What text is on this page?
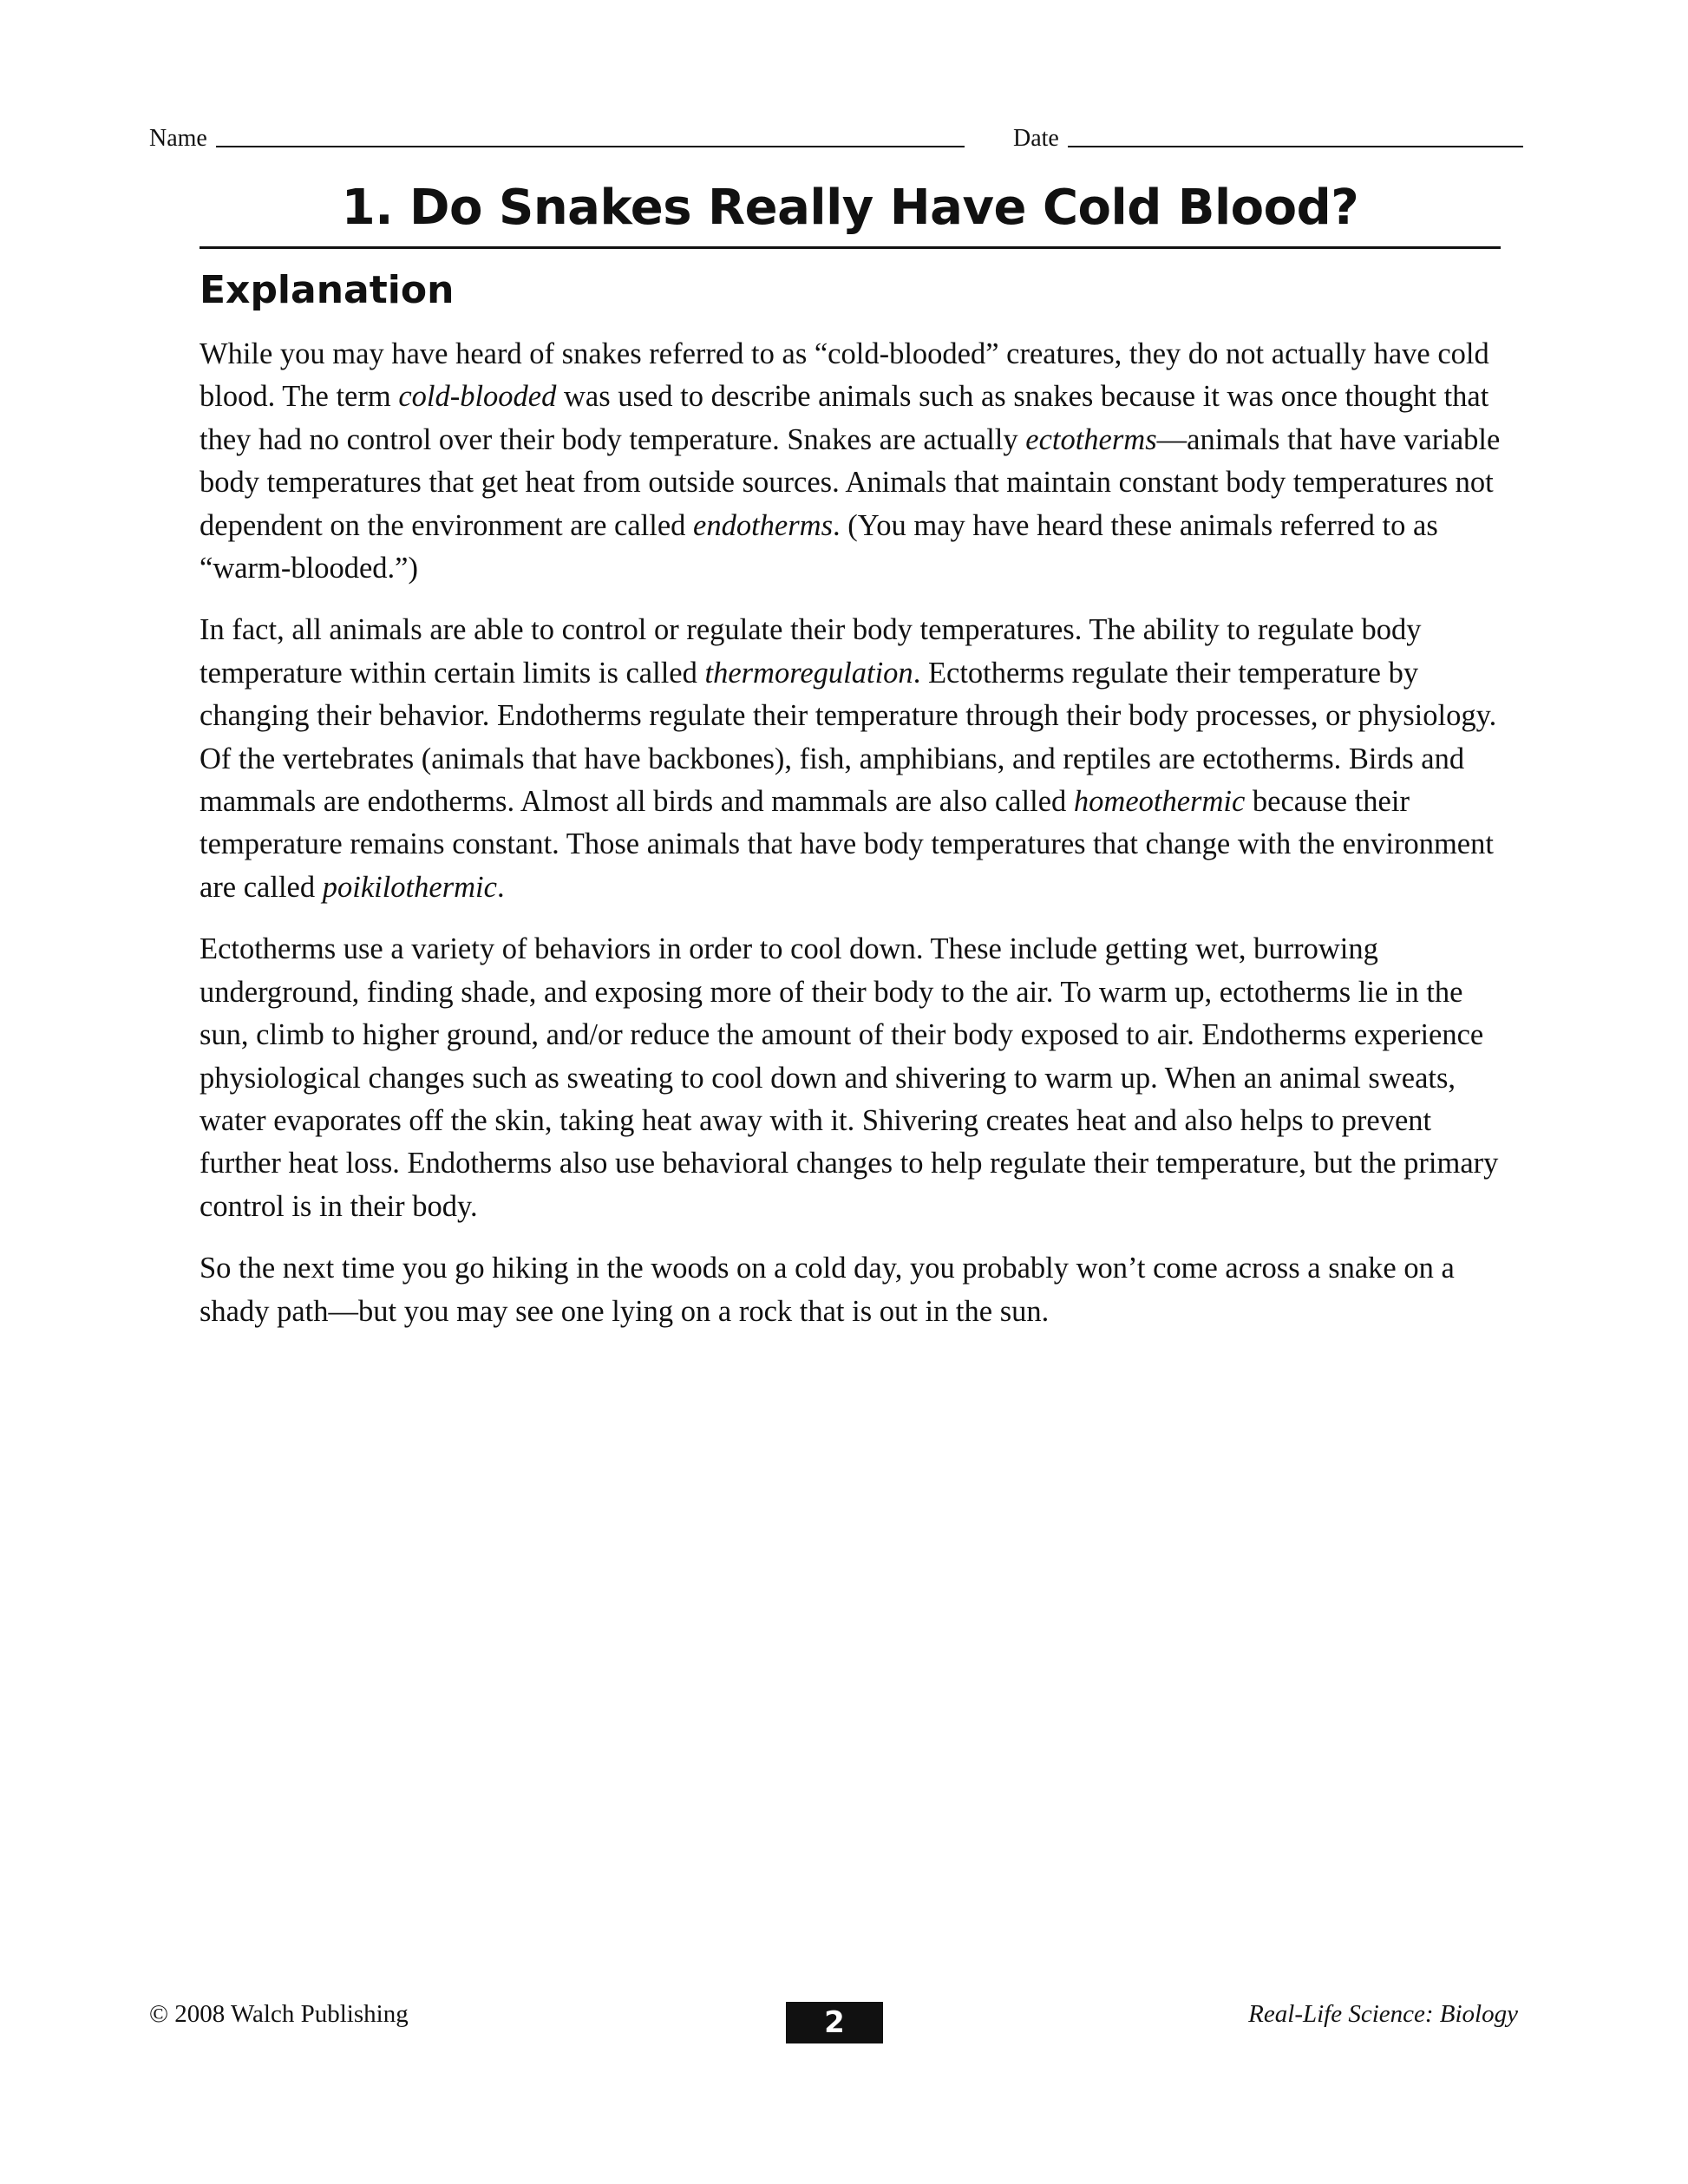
Name	Date
1. Do Snakes Really Have Cold Blood?
Explanation

While you may have heard of snakes referred to as “cold-blooded” creatures, they do not actually have cold blood. The term cold-blooded was used to describe animals such as snakes because it was once thought that they had no control over their body temperature. Snakes are actually ectotherms—animals that have variable body temperatures that get heat from outside sources. Animals that maintain constant body temperatures not dependent on the environment are called endotherms. (You may have heard these animals referred to as “warm-blooded.”)

In fact, all animals are able to control or regulate their body temperatures. The ability to regulate body temperature within certain limits is called thermoregulation. Ectotherms regulate their temperature by changing their behavior. Endotherms regulate their temperature through their body processes, or physiology. Of the vertebrates (animals that have backbones), fish, amphibians, and reptiles are ectotherms. Birds and mammals are endotherms. Almost all birds and mammals are also called homeothermic because their temperature remains constant. Those animals that have body temperatures that change with the environment are called poikilothermic.

Ectotherms use a variety of behaviors in order to cool down. These include getting wet, burrowing underground, finding shade, and exposing more of their body to the air. To warm up, ectotherms lie in the sun, climb to higher ground, and/or reduce the amount of their body exposed to air. Endotherms experience physiological changes such as sweating to cool down and shivering to warm up. When an animal sweats, water evaporates off the skin, taking heat away with it. Shivering creates heat and also helps to prevent further heat loss. Endotherms also use behavioral changes to help regulate their temperature, but the primary control is in their body.

So the next time you go hiking in the woods on a cold day, you probably won’t come across a snake on a shady path—but you may see one lying on a rock that is out in the sun.

© 2008 Walch Publishing	2	Real-Life Science: Biology
